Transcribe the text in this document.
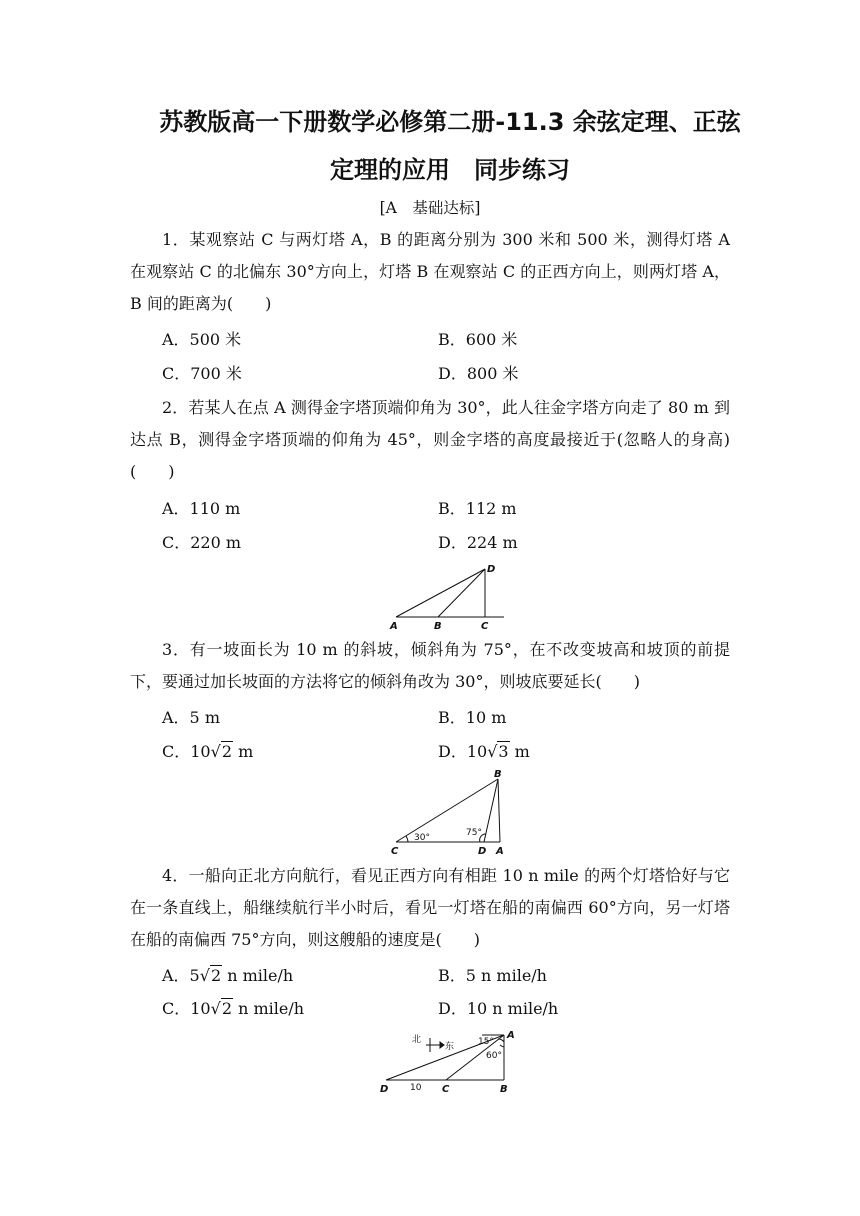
苏教版高一下册数学必修第二册-11.3 余弦定理、正弦
定理的应用　同步练习
[A　基础达标]
1．某观察站 C 与两灯塔 A，B 的距离分别为 300 米和 500 米，测得灯塔 A 在观察站 C 的北偏东 30°方向上，灯塔 B 在观察站 C 的正西方向上，则两灯塔 A，B 间的距离为(　　)
A．500 米	B．600 米
C．700 米	D．800 米
2．若某人在点 A 测得金字塔顶端仰角为 30°，此人往金字塔方向走了 80 m 到达点 B，测得金字塔顶端的仰角为 45°，则金字塔的高度最接近于(忽略人的身高)(　　)
A．110 m	B．112 m
C．220 m	D．224 m
A	B	C
D
3．有一坡面长为 10 m 的斜坡，倾斜角为 75°，在不改变坡高和坡顶的前提下，要通过加长坡面的方法将它的倾斜角改为 30°，则坡底要延长(　　)
A．5 m	B．10 m
C．10√2 m	D．10√3 m
B
C	D A
30°	75°
4．一船向正北方向航行，看见正西方向有相距 10 n mile 的两个灯塔恰好与它在一条直线上，船继续航行半小时后，看见一灯塔在船的南偏西 60°方向，另一灯塔在船的南偏西 75°方向，则这艘船的速度是(　　)
A．5√2 n mile/h	B．5 n mile/h
C．10√2 n mile/h	D．10 n mile/h
A
B
C
D
北
东
10
15°
60°
